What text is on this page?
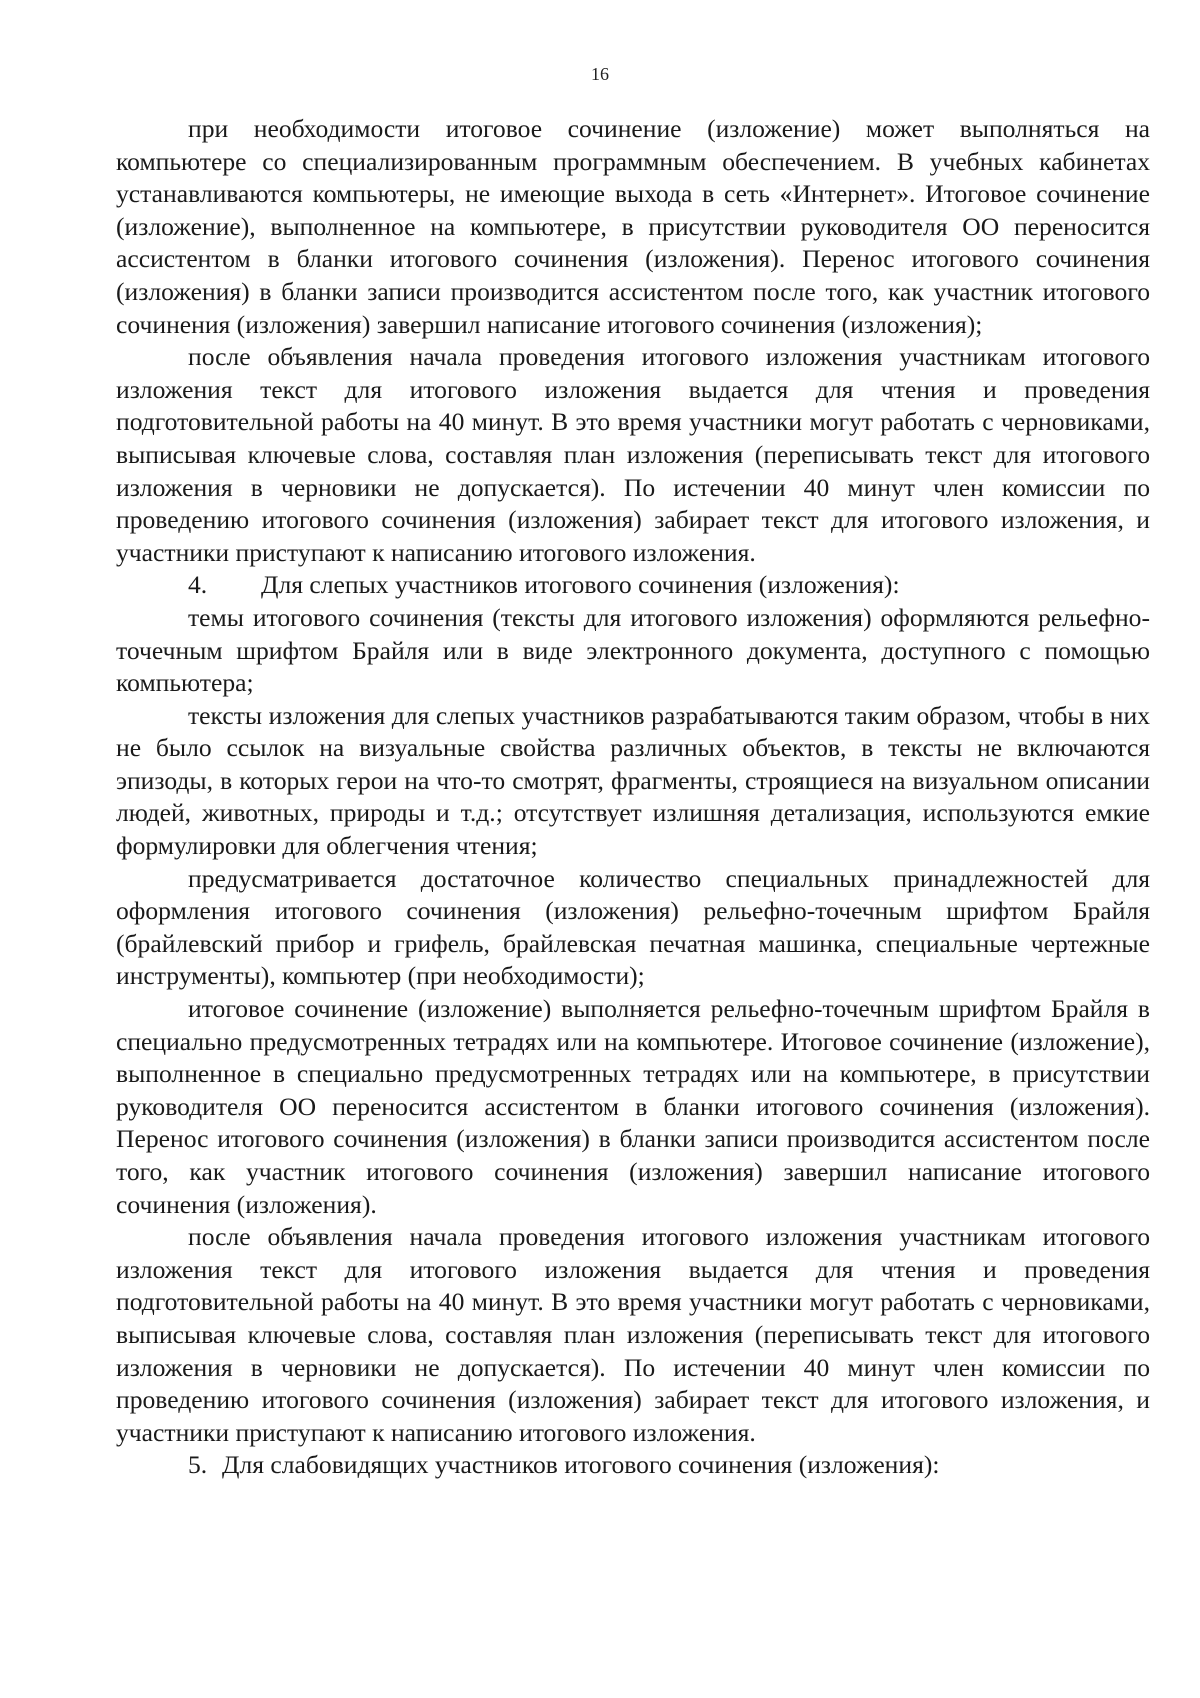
16

при необходимости итоговое сочинение (изложение) может выполняться на компьютере со специализированным программным обеспечением. В учебных кабинетах устанавливаются компьютеры, не имеющие выхода в сеть «Интернет». Итоговое сочинение (изложение), выполненное на компьютере, в присутствии руководителя ОО переносится ассистентом в бланки итогового сочинения (изложения). Перенос итогового сочинения (изложения) в бланки записи производится ассистентом после того, как участник итогового сочинения (изложения) завершил написание итогового сочинения (изложения);

после объявления начала проведения итогового изложения участникам итогового изложения текст для итогового изложения выдается для чтения и проведения подготовительной работы на 40 минут. В это время участники могут работать с черновиками, выписывая ключевые слова, составляя план изложения (переписывать текст для итогового изложения в черновики не допускается). По истечении 40 минут член комиссии по проведению итогового сочинения (изложения) забирает текст для итогового изложения, и участники приступают к написанию итогового изложения.

4. Для слепых участников итогового сочинения (изложения):

темы итогового сочинения (тексты для итогового изложения) оформляются рельефно-точечным шрифтом Брайля или в виде электронного документа, доступного с помощью компьютера;

тексты изложения для слепых участников разрабатываются таким образом, чтобы в них не было ссылок на визуальные свойства различных объектов, в тексты не включаются эпизоды, в которых герои на что-то смотрят, фрагменты, строящиеся на визуальном описании людей, животных, природы и т.д.; отсутствует излишняя детализация, используются емкие формулировки для облегчения чтения;

предусматривается достаточное количество специальных принадлежностей для оформления итогового сочинения (изложения) рельефно-точечным шрифтом Брайля (брайлевский прибор и грифель, брайлевская печатная машинка, специальные чертежные инструменты), компьютер (при необходимости);

итоговое сочинение (изложение) выполняется рельефно-точечным шрифтом Брайля в специально предусмотренных тетрадях или на компьютере. Итоговое сочинение (изложение), выполненное в специально предусмотренных тетрадях или на компьютере, в присутствии руководителя ОО переносится ассистентом в бланки итогового сочинения (изложения). Перенос итогового сочинения (изложения) в бланки записи производится ассистентом после того, как участник итогового сочинения (изложения) завершил написание итогового сочинения (изложения).

после объявления начала проведения итогового изложения участникам итогового изложения текст для итогового изложения выдается для чтения и проведения подготовительной работы на 40 минут. В это время участники могут работать с черновиками, выписывая ключевые слова, составляя план изложения (переписывать текст для итогового изложения в черновики не допускается). По истечении 40 минут член комиссии по проведению итогового сочинения (изложения) забирает текст для итогового изложения, и участники приступают к написанию итогового изложения.

5. Для слабовидящих участников итогового сочинения (изложения):
